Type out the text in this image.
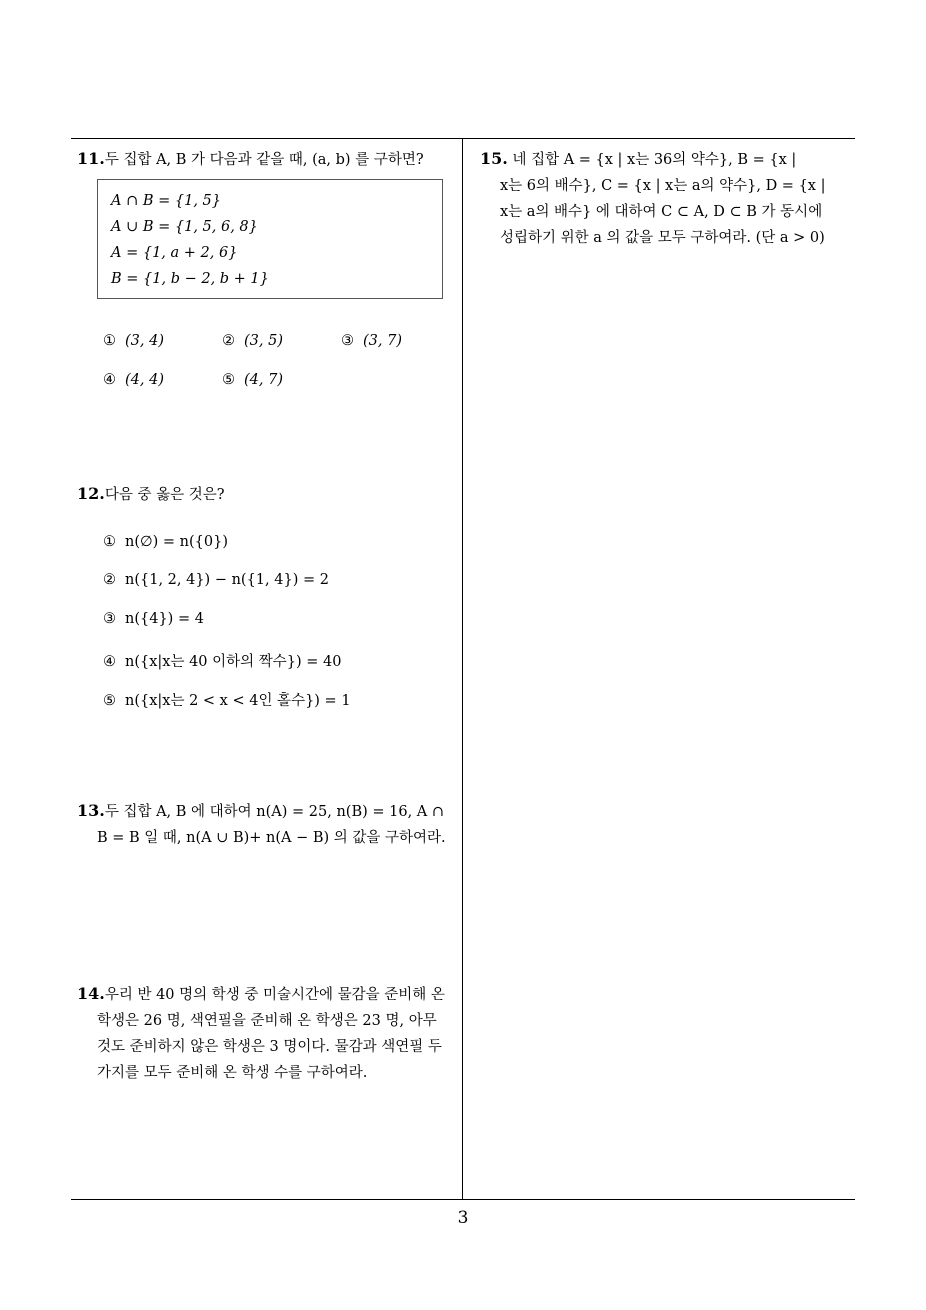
11.두 집합 A, B 가 다음과 같을 때, (a, b) 를 구하면?
A ∩ B = {1, 5}
A ∪ B = {1, 5, 6, 8}
A = {1, a + 2, 6}
B = {1, b − 2, b + 1}
① (3, 4)	② (3, 5)	③ (3, 7)
④ (4, 4)	⑤ (4, 7)
12.다음 중 옳은 것은?
① n(∅) = n({0})
② n({1, 2, 4}) − n({1, 4}) = 2
③ n({4}) = 4
④ n({x|x는 40 이하의 짝수}) = 40
⑤ n({x|x는 2 < x < 4인 홀수}) = 1
13.두 집합 A, B 에 대하여 n(A) = 25, n(B) = 16, A ∩
B = B 일 때, n(A ∪ B)+ n(A − B) 의 값을 구하여라.
14.우리 반 40 명의 학생 중 미술시간에 물감을 준비해 온
학생은 26 명, 색연필을 준비해 온 학생은 23 명, 아무
것도 준비하지 않은 학생은 3 명이다. 물감과 색연필 두
가지를 모두 준비해 온 학생 수를 구하여라.
15. 네 집합 A = {x | x는 36의 약수}, B = {x |
x는 6의 배수}, C = {x | x는 a의 약수}, D = {x |
x는 a의 배수} 에 대하여 C ⊂ A, D ⊂ B 가 동시에
성립하기 위한 a 의 값을 모두 구하여라. (단 a > 0)
3
